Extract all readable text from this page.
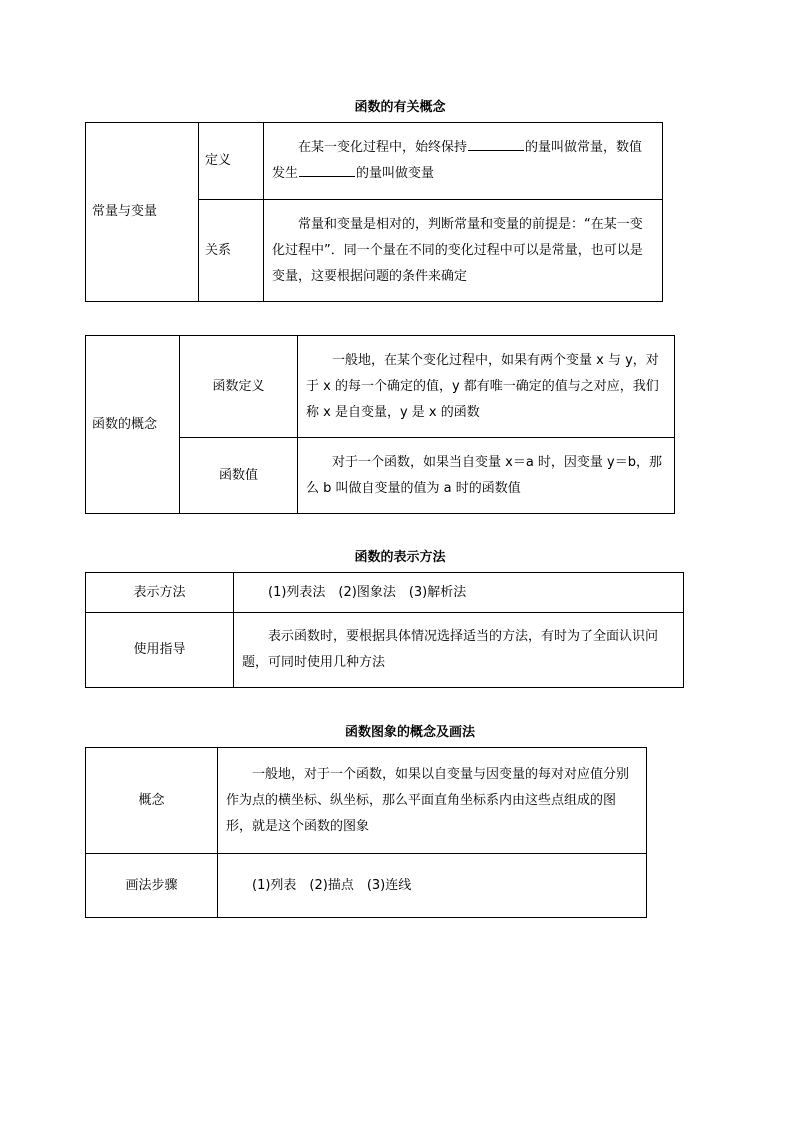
函数的有关概念
常量与变量	定义	在某一变化过程中，始终保持 的量叫做常量，数值发生 的量叫做变量

	关系	常量和变量是相对的，判断常量和变量的前提是：“在某一变化过程中”．同一个量在不同的变化过程中可以是常量，也可以是变量，这要根据问题的条件来确定
函数的概念	函数定义	一般地，在某个变化过程中，如果有两个变量 x 与 y，对于 x 的每一个确定的值，y 都有唯一确定的值与之对应，我们称 x 是自变量，y 是 x 的函数

	函数值	对于一个函数，如果当自变量 x＝a 时，因变量 y＝b，那么 b 叫做自变量的值为 a 时的函数值
函数的表示方法
表示方法	(1)列表法　(2)图象法　(3)解析法

使用指导	表示函数时，要根据具体情况选择适当的方法，有时为了全面认识问题，可同时使用几种方法
函数图象的概念及画法
概念	一般地，对于一个函数，如果以自变量与因变量的每对对应值分别作为点的横坐标、纵坐标，那么平面直角坐标系内由这些点组成的图形，就是这个函数的图象

画法步骤	(1)列表　(2)描点　(3)连线
